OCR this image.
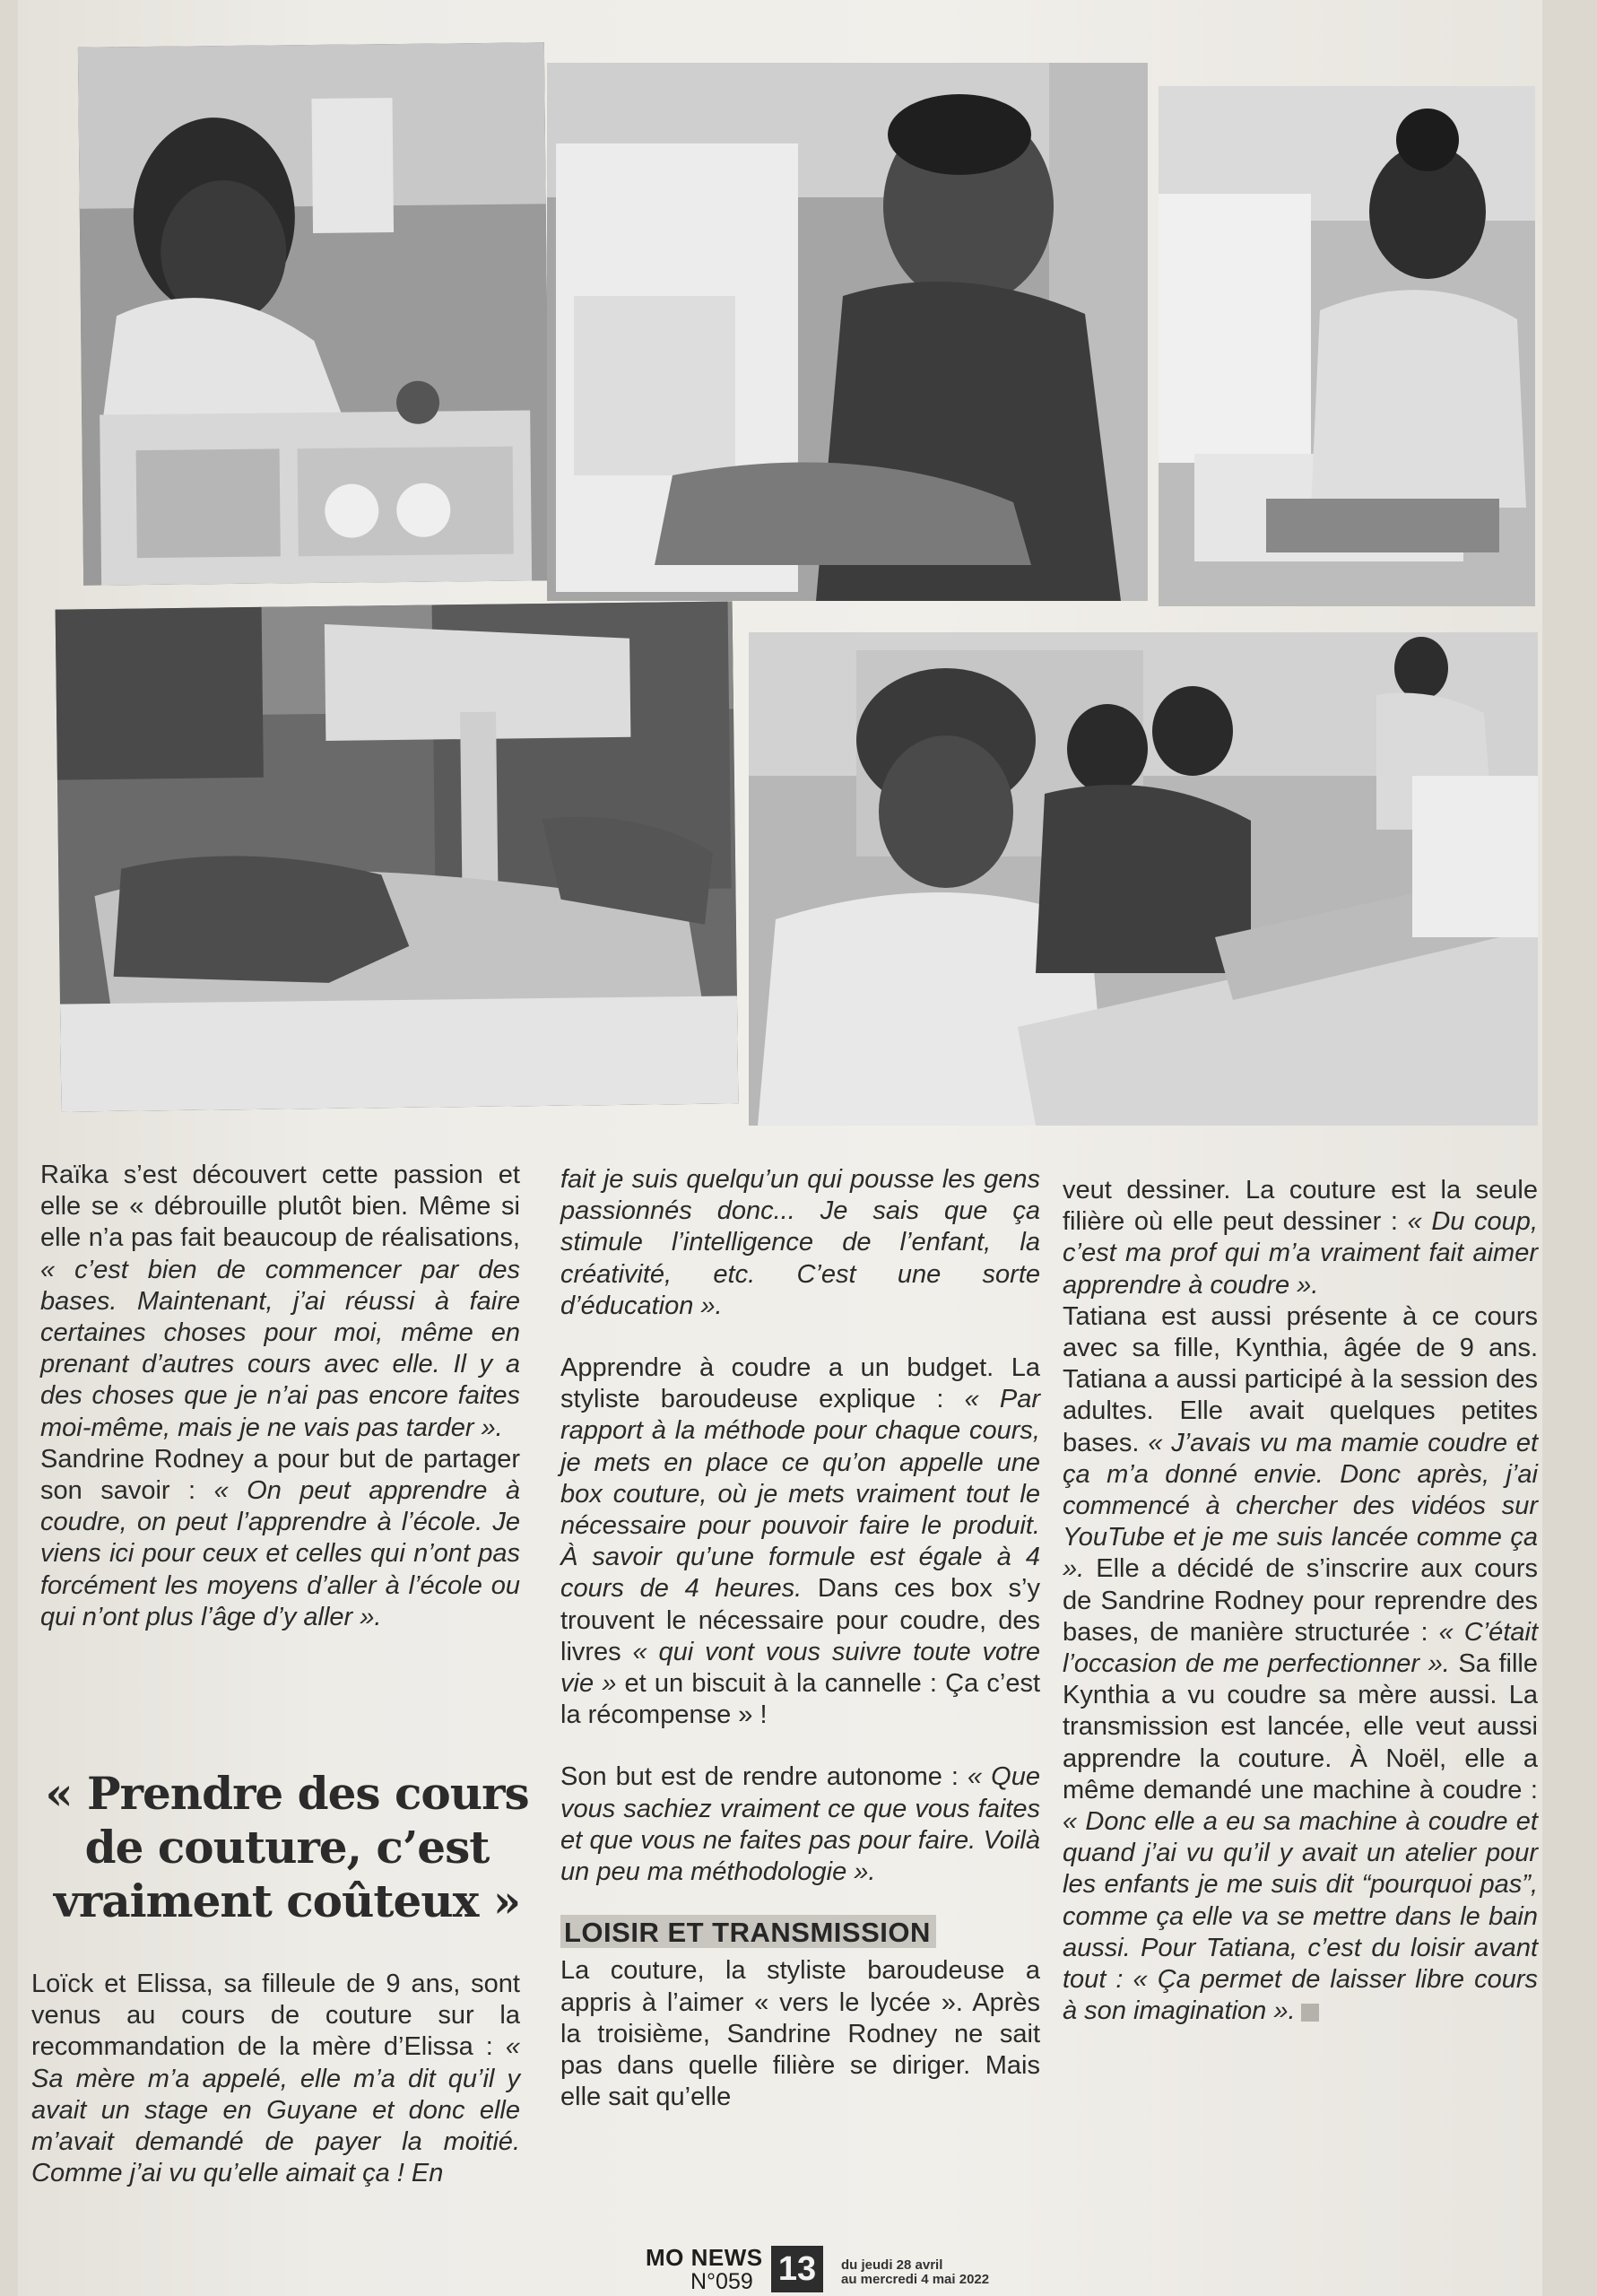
Raïka s’est découvert cette passion et elle se « débrouille plutôt bien. Même si elle n’a pas fait beaucoup de réalisations, « c’est bien de commencer par des bases. Maintenant, j’ai réussi à faire certaines choses pour moi, même en prenant d’autres cours avec elle. Il y a des choses que je n’ai pas encore faites moi-même, mais je ne vais pas tarder ».

Sandrine Rodney a pour but de partager son savoir : « On peut apprendre à coudre, on peut l’apprendre à l’école. Je viens ici pour ceux et celles qui n’ont pas forcément les moyens d’aller à l’école ou qui n’ont plus l’âge d’y aller ».

« Prendre des cours de couture, c’est vraiment coûteux »

Loïck et Elissa, sa filleule de 9 ans, sont venus au cours de couture sur la recommandation de la mère d’Elissa : « Sa mère m’a appelé, elle m’a dit qu’il y avait un stage en Guyane et donc elle m’avait demandé de payer la moitié. Comme j’ai vu qu’elle aimait ça ! En

fait je suis quelqu’un qui pousse les gens passionnés donc... Je sais que ça stimule l’intelligence de l’enfant, la créativité, etc. C’est une sorte d’éducation ».

Apprendre à coudre a un budget. La styliste baroudeuse explique : « Par rapport à la méthode pour chaque cours, je mets en place ce qu’on appelle une box couture, où je mets vraiment tout le nécessaire pour pouvoir faire le produit. À savoir qu’une formule est égale à 4 cours de 4 heures. Dans ces box s’y trouvent le nécessaire pour coudre, des livres « qui vont vous suivre toute votre vie » et un biscuit à la cannelle : Ça c’est la récompense » !

Son but est de rendre autonome : « Que vous sachiez vraiment ce que vous faites et que vous ne faites pas pour faire. Voilà un peu ma méthodologie ».

LOISIR ET TRANSMISSION

La couture, la styliste baroudeuse a appris à l’aimer « vers le lycée ». Après la troisième, Sandrine Rodney ne sait pas dans quelle filière se diriger. Mais elle sait qu’elle

veut dessiner. La couture est la seule filière où elle peut dessiner : « Du coup, c’est ma prof qui m’a vraiment fait aimer apprendre à coudre ».

Tatiana est aussi présente à ce cours avec sa fille, Kynthia, âgée de 9 ans. Tatiana a aussi participé à la session des adultes. Elle avait quelques petites bases. « J’avais vu ma mamie coudre et ça m’a donné envie. Donc après, j’ai commencé à chercher des vidéos sur YouTube et je me suis lancée comme ça ». Elle a décidé de s’inscrire aux cours de Sandrine Rodney pour reprendre des bases, de manière structurée : « C’était l’occasion de me perfectionner ». Sa fille Kynthia a vu coudre sa mère aussi. La transmission est lancée, elle veut aussi apprendre la couture. À Noël, elle a même demandé une machine à coudre : « Donc elle a eu sa machine à coudre et quand j’ai vu qu’il y avait un atelier pour les enfants je me suis dit “pourquoi pas”, comme ça elle va se mettre dans le bain aussi. Pour Tatiana, c’est du loisir avant tout : « Ça permet de laisser libre cours à son imagination ».

MO NEWS
N°059 13	du jeudi 28 avril
au mercredi 4 mai 2022
